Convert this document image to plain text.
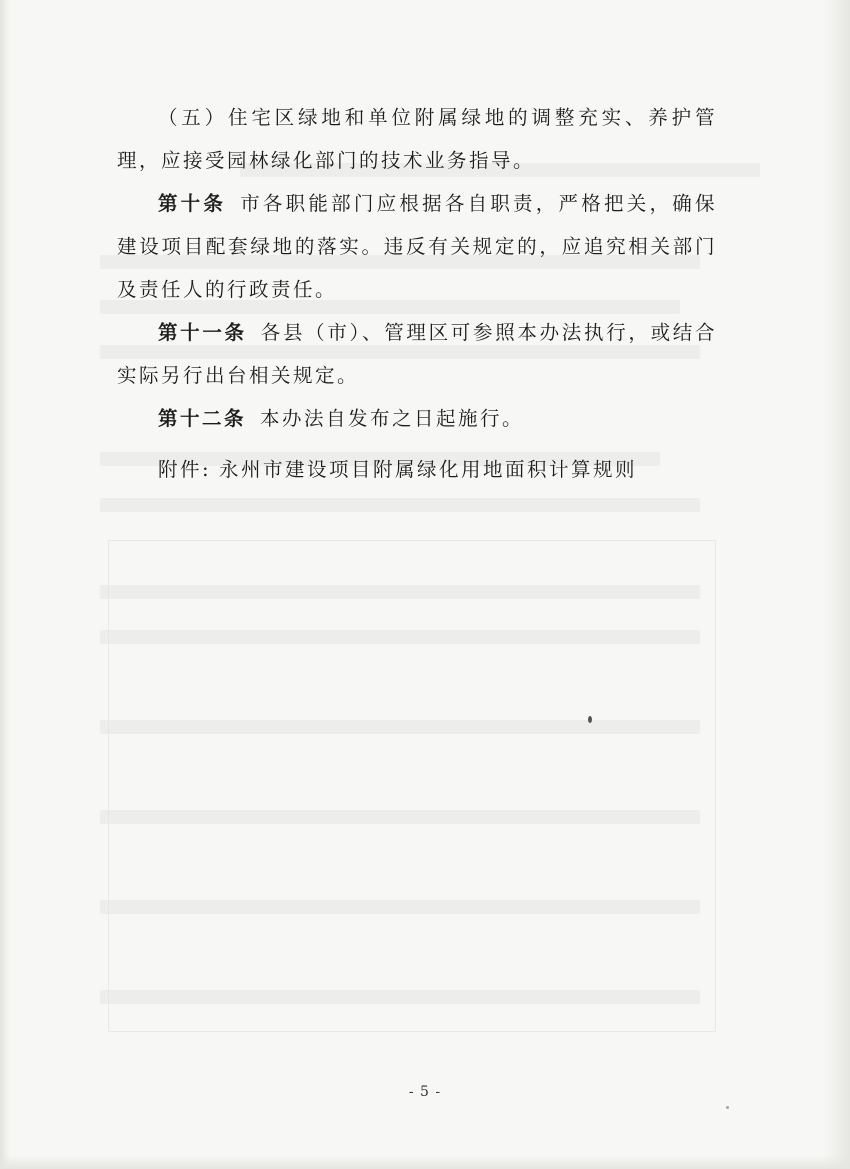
（五）住宅区绿地和单位附属绿地的调整充实、养护管理，应接受园林绿化部门的技术业务指导。

第十条 市各职能部门应根据各自职责，严格把关，确保建设项目配套绿地的落实。违反有关规定的，应追究相关部门及责任人的行政责任。

第十一条 各县（市）、管理区可参照本办法执行，或结合实际另行出台相关规定。

第十二条 本办法自发布之日起施行。

附件: 永州市建设项目附属绿化用地面积计算规则

- 5 -
